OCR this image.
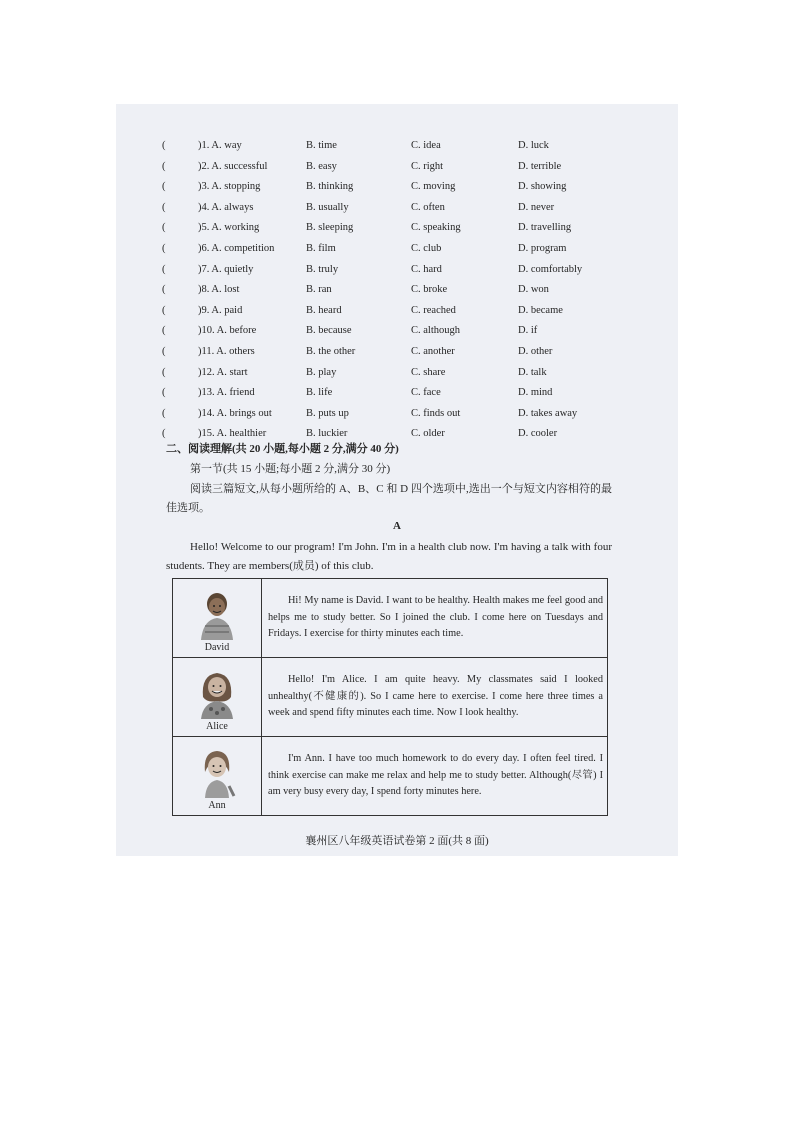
(	)1. A. way	B. time	C. idea	D. luck
(	)2. A. successful	B. easy	C. right	D. terrible
(	)3. A. stopping	B. thinking	C. moving	D. showing
(	)4. A. always	B. usually	C. often	D. never
(	)5. A. working	B. sleeping	C. speaking	D. travelling
(	)6. A. competition	B. film	C. club	D. program
(	)7. A. quietly	B. truly	C. hard	D. comfortably
(	)8. A. lost	B. ran	C. broke	D. won
(	)9. A. paid	B. heard	C. reached	D. became
(	)10. A. before	B. because	C. although	D. if
(	)11. A. others	B. the other	C. another	D. other
(	)12. A. start	B. play	C. share	D. talk
(	)13. A. friend	B. life	C. face	D. mind
(	)14. A. brings out	B. puts up	C. finds out	D. takes away
(	)15. A. healthier	B. luckier	C. older	D. cooler
二、阅读理解(共 20 小题,每小题 2 分,满分 40 分)
第一节(共 15 小题;每小题 2 分,满分 30 分)
阅读三篇短文,从每小题所给的 A、B、C 和 D 四个选项中,选出一个与短文内容相符的最佳选项。
A
Hello! Welcome to our program! I'm John. I'm in a health club now. I'm having a talk with four students. They are members(成员) of this club.
David	Hi! My name is David. I want to be healthy. Health makes me feel good and helps me to study better. So I joined the club. I come here on Tuesdays and Fridays. I exercise for thirty minutes each time.

Alice	Hello! I'm Alice. I am quite heavy. My classmates said I looked unhealthy(不健康的). So I came here to exercise. I come here three times a week and spend fifty minutes each time. Now I look healthy.

Ann	I'm Ann. I have too much homework to do every day. I often feel tired. I think exercise can make me relax and help me to study better. Although(尽管) I am very busy every day, I spend forty minutes here.
襄州区八年级英语试卷第 2 面(共 8 面)
